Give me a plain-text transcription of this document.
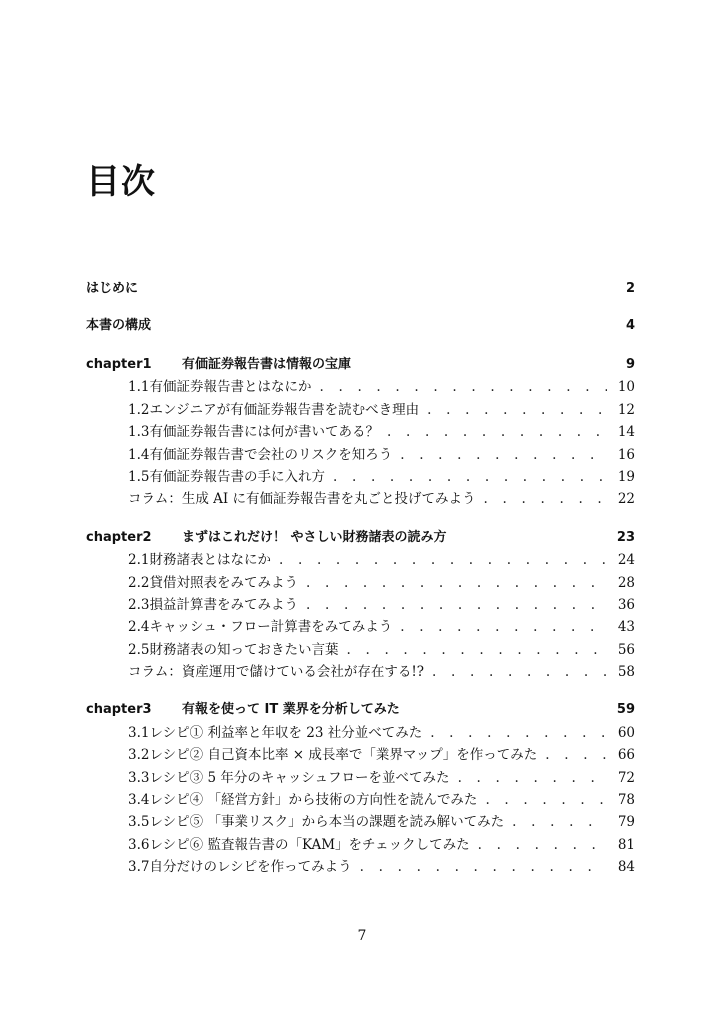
目次
はじめに	2
本書の構成	4
chapter1	有価証券報告書は情報の宝庫	9
1.1 有価証券報告書とはなにか . . .	10
1.2 エンジニアが有価証券報告書を読むべき理由 . . .	12
1.3 有価証券報告書には何が書いてある？ . . .	14
1.4 有価証券報告書で会社のリスクを知ろう . . .	16
1.5 有価証券報告書の手に入れ方 . . .	19
コラム：生成 AI に有価証券報告書を丸ごと投げてみよう . . .	22
chapter2	まずはこれだけ！ やさしい財務諸表の読み方	23
2.1 財務諸表とはなにか . . .	24
2.2 貸借対照表をみてみよう . . .	28
2.3 損益計算書をみてみよう . . .	36
2.4 キャッシュ・フロー計算書をみてみよう . . .	43
2.5 財務諸表の知っておきたい言葉 . . .	56
コラム：資産運用で儲けている会社が存在する!? . . .	58
chapter3	有報を使って IT 業界を分析してみた	59
3.1 レシピ① 利益率と年収を 23 社分並べてみた . . .	60
3.2 レシピ② 自己資本比率 × 成長率で「業界マップ」を作ってみた . . .	66
3.3 レシピ③ 5 年分のキャッシュフローを並べてみた . . .	72
3.4 レシピ④ 「経営方針」から技術の方向性を読んでみた . . .	78
3.5 レシピ⑤ 「事業リスク」から本当の課題を読み解いてみた . . .	79
3.6 レシピ⑥ 監査報告書の「KAM」をチェックしてみた . . .	81
3.7 自分だけのレシピを作ってみよう . . .	84
7
